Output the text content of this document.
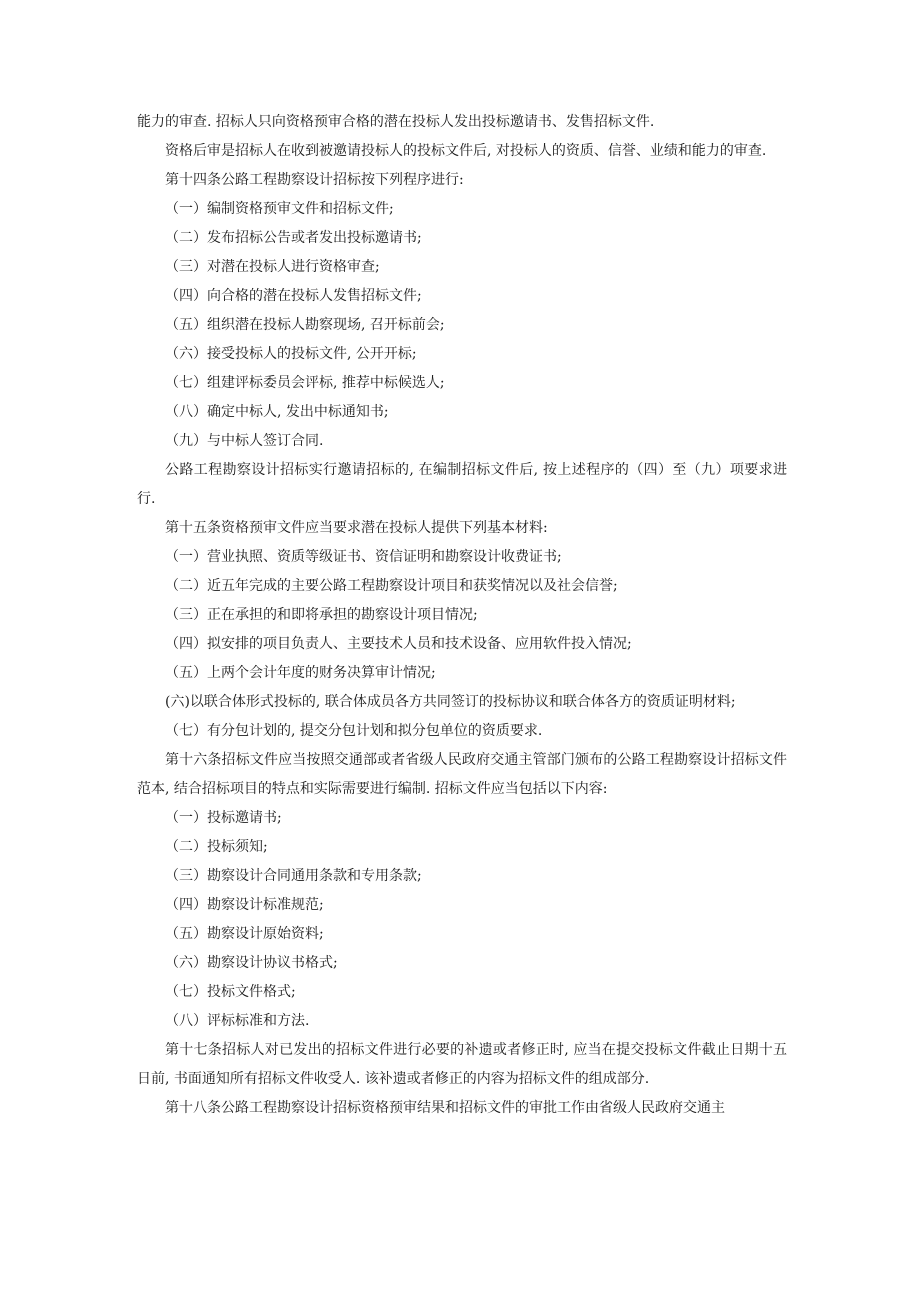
能力的审查. 招标人只向资格预审合格的潜在投标人发出投标邀请书、发售招标文件.

资格后审是招标人在收到被邀请投标人的投标文件后, 对投标人的资质、信誉、业绩和能力的审查.

第十四条公路工程勘察设计招标按下列程序进行:

（一）编制资格预审文件和招标文件;

（二）发布招标公告或者发出投标邀请书;

（三）对潜在投标人进行资格审查;

（四）向合格的潜在投标人发售招标文件;

（五）组织潜在投标人勘察现场, 召开标前会;

（六）接受投标人的投标文件, 公开开标;

（七）组建评标委员会评标, 推荐中标候选人;

（八）确定中标人, 发出中标通知书;

（九）与中标人签订合同.

公路工程勘察设计招标实行邀请招标的, 在编制招标文件后, 按上述程序的（四）至（九）项要求进行.

第十五条资格预审文件应当要求潜在投标人提供下列基本材料:

（一）营业执照、资质等级证书、资信证明和勘察设计收费证书;

（二）近五年完成的主要公路工程勘察设计项目和获奖情况以及社会信誉;

（三）正在承担的和即将承担的勘察设计项目情况;

（四）拟安排的项目负责人、主要技术人员和技术设备、应用软件投入情况;

（五）上两个会计年度的财务决算审计情况;

(六)以联合体形式投标的, 联合体成员各方共同签订的投标协议和联合体各方的资质证明材料;

（七）有分包计划的, 提交分包计划和拟分包单位的资质要求.

第十六条招标文件应当按照交通部或者省级人民政府交通主管部门颁布的公路工程勘察设计招标文件范本, 结合招标项目的特点和实际需要进行编制. 招标文件应当包括以下内容:

（一）投标邀请书;

（二）投标须知;

（三）勘察设计合同通用条款和专用条款;

（四）勘察设计标准规范;

（五）勘察设计原始资料;

（六）勘察设计协议书格式;

（七）投标文件格式;

（八）评标标准和方法.

第十七条招标人对已发出的招标文件进行必要的补遗或者修正时, 应当在提交投标文件截止日期十五日前, 书面通知所有招标文件收受人. 该补遗或者修正的内容为招标文件的组成部分.

第十八条公路工程勘察设计招标资格预审结果和招标文件的审批工作由省级人民政府交通主
